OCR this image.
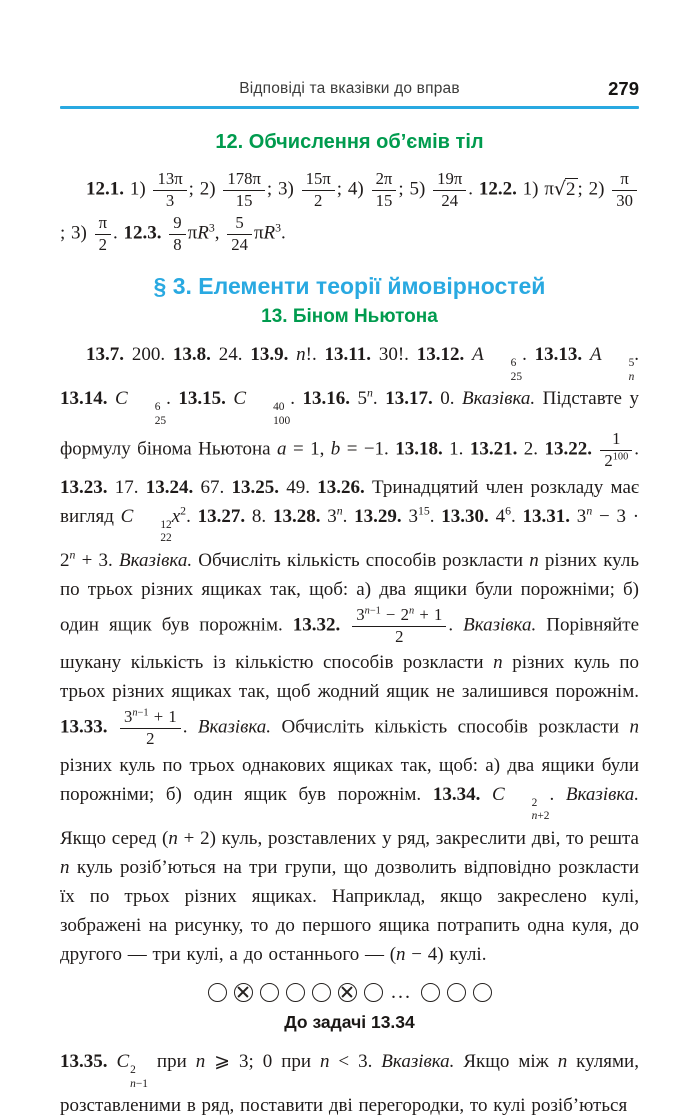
Відповіді та вказівки до вправ	279
12. Обчислення об’ємів тіл

12.1. $1) \frac{13\pi}{3}$ ; $2) \frac{178\pi}{15}$ ; $3) \frac{15\pi}{2}$ ; $4) \frac{2\pi}{15}$ ; $5) \frac{19\pi}{24}$ . 12.2. 1) π√2 ; $2) \frac{\pi}{30}$
; $3) \frac{\pi}{2}$ . 12.3. $\frac{9}{8} \pi R^3$, $\frac{5}{24} \pi R^3$.

§ 3. Елементи теорії ймовірностей
13. Біном Ньютона

13.7. 200. 13.8. 24. 13.9. n!. 13.11. 30!. 13.12. A	6
25
. 13.13. A	5
n
. 13.14. C	6
25
. 13.15. C	40
100
. 13.16. 5$^n$. 13.17. 0. Вказівка. Підставте у формулу бінома Ньютона a = 1, b = −1. 13.18. 1. 13.21. 2. 13.22. $\frac{1}{2^{100}}$ . 13.23. 17. 13.24. 67. 13.25. 49. 13.26. Тринадцятий член розкладу має вигляд C	12
22
$x^2$. 13.27. 8. 13.28. 3$^n$. 13.29. $3^{15}$. 13.30. $4^6$. 13.31. $3^n - 3 \cdot 2^n + 3$. Вказівка. Обчисліть кількість способів розкласти n різних куль по трьох різних ящиках так, щоб: а) два ящики були порожніми; б) один ящик був порожнім. 13.32. $\frac{3^{n-1} - 2^n + 1}{2}$ . Вказівка. Порівняйте шукану кількість із кількістю способів розкласти n різних куль по трьох різних ящиках так, щоб жодний ящик не залишився порожнім. 13.33. $\frac{3^{n-1} + 1}{2}$ . Вказівка. Обчисліть кількість способів розкласти n різних куль по трьох однакових ящиках так, щоб: а) два ящики були порожніми; б) один ящик був порожнім. 13.34. C	2
n+2
. Вказівка. Якщо серед (n + 2) куль, розставлених у ряд, закреслити дві, то решта n куль розіб’ються на три групи, що дозволить відповідно розкласти їх по трьох різних ящиках. Наприклад, якщо закреслено кулі, зображені на рисунку, то до першого ящика потрапить одна куля, до другого — три кулі, а до останнього — (n − 4) кулі.

...
До задачі 13.34

13.35. C 2
n−1
при n ⩾ 3; 0 при n < 3. Вказівка. Якщо між n кулями, розставленими в ряд, поставити дві перегородки, то кулі розіб’ються
